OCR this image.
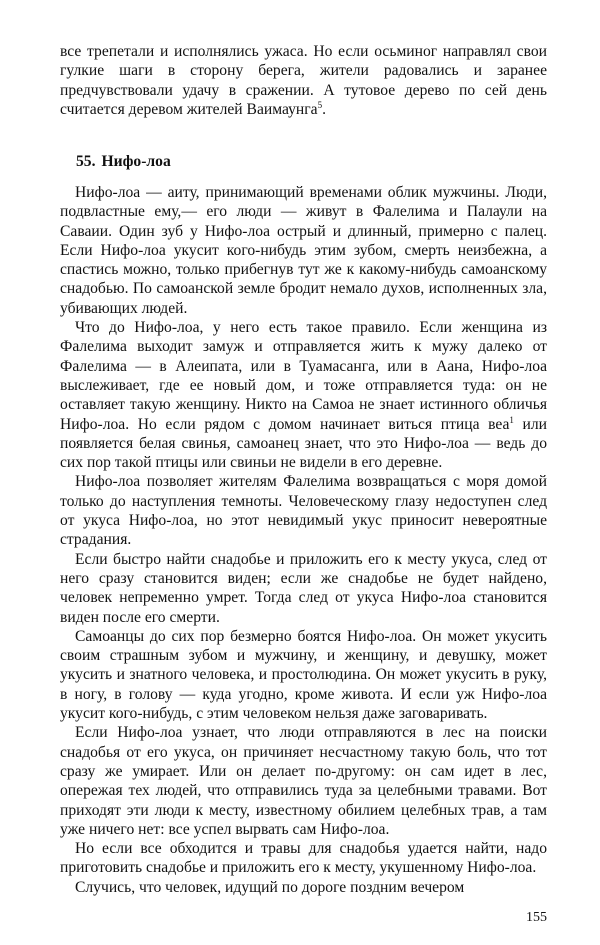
все трепетали и исполнялись ужаса. Но если осьминог направлял свои гулкие шаги в сторону берега, жители радовались и заранее предчувствовали удачу в сражении. А тутовое дерево по сей день считается деревом жителей Ваимаунга$^5$.

55. Нифо-лоа

Нифо-лоа — аиту, принимающий временами облик мужчины. Люди, подвластные ему,— его люди — живут в Фалелима и Палаули на Саваии. Один зуб у Нифо-лоа острый и длинный, примерно с палец. Если Нифо-лоа укусит кого-нибудь этим зубом, смерть неизбежна, а спастись можно, только прибегнув тут же к какому-нибудь самоанскому снадобью. По самоанской земле бродит немало духов, исполненных зла, убивающих людей.

Что до Нифо-лоа, у него есть такое правило. Если женщина из Фалелима выходит замуж и отправляется жить к мужу далеко от Фалелима — в Алеипата, или в Туамасанга, или в Аана, Нифо-лоа выслеживает, где ее новый дом, и тоже отправляется туда: он не оставляет такую женщину. Никто на Самоа не знает истинного обличья Нифо-лоа. Но если рядом с домом начинает виться птица веа$^1$ или появляется белая свинья, самоанец знает, что это Нифо-лоа — ведь до сих пор такой птицы или свиньи не видели в его деревне.

Нифо-лоа позволяет жителям Фалелима возвращаться с моря домой только до наступления темноты. Человеческому глазу недоступен след от укуса Нифо-лоа, но этот невидимый укус приносит невероятные страдания.

Если быстро найти снадобье и приложить его к месту укуса, след от него сразу становится виден; если же снадобье не будет найдено, человек непременно умрет. Тогда след от укуса Нифо-лоа становится виден после его смерти.

Самоанцы до сих пор безмерно боятся Нифо-лоа. Он может укусить своим страшным зубом и мужчину, и женщину, и девушку, может укусить и знатного человека, и простолюдина. Он может укусить в руку, в ногу, в голову — куда угодно, кроме живота. И если уж Нифо-лоа укусит кого-нибудь, с этим человеком нельзя даже заговаривать.

Если Нифо-лоа узнает, что люди отправляются в лес на поиски снадобья от его укуса, он причиняет несчастному такую боль, что тот сразу же умирает. Или он делает по-другому: он сам идет в лес, опережая тех людей, что отправились туда за целебными травами. Вот приходят эти люди к месту, известному обилием целебных трав, а там уже ничего нет: все успел вырвать сам Нифо-лоа.

Но если все обходится и травы для снадобья удается найти, надо приготовить снадобье и приложить его к месту, укушенному Нифо-лоа.

Случись, что человек, идущий по дороге поздним вечером

155
